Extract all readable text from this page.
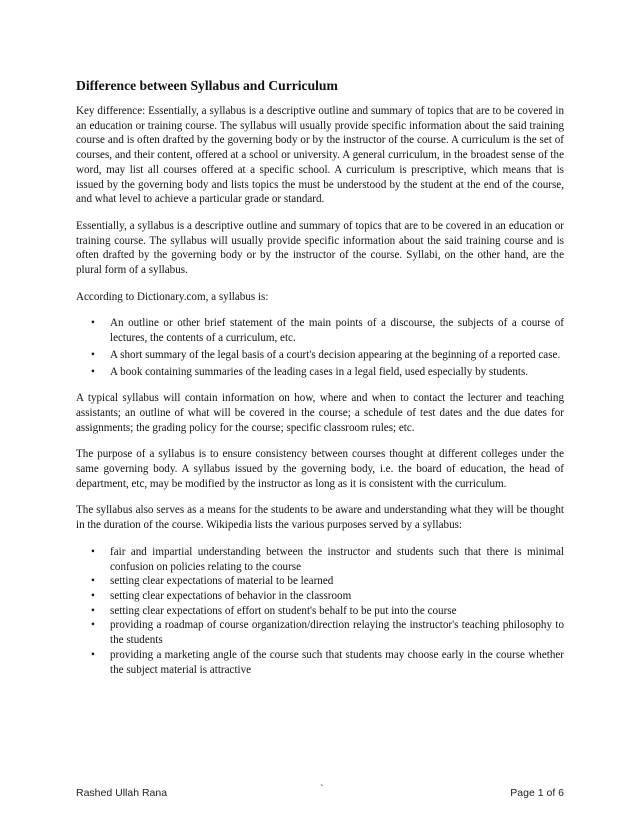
Difference between Syllabus and Curriculum

Key difference: Essentially, a syllabus is a descriptive outline and summary of topics that are to be covered in an education or training course. The syllabus will usually provide specific information about the said training course and is often drafted by the governing body or by the instructor of the course. A curriculum is the set of courses, and their content, offered at a school or university. A general curriculum, in the broadest sense of the word, may list all courses offered at a specific school. A curriculum is prescriptive, which means that is issued by the governing body and lists topics the must be understood by the student at the end of the course, and what level to achieve a particular grade or standard.

Essentially, a syllabus is a descriptive outline and summary of topics that are to be covered in an education or training course. The syllabus will usually provide specific information about the said training course and is often drafted by the governing body or by the instructor of the course. Syllabi, on the other hand, are the plural form of a syllabus.

According to Dictionary.com, a syllabus is:

• An outline or other brief statement of the main points of a discourse, the subjects of a course of lectures, the contents of a curriculum, etc.
• A short summary of the legal basis of a court's decision appearing at the beginning of a reported case.
• A book containing summaries of the leading cases in a legal field, used especially by students.

A typical syllabus will contain information on how, where and when to contact the lecturer and teaching assistants; an outline of what will be covered in the course; a schedule of test dates and the due dates for assignments; the grading policy for the course; specific classroom rules; etc.

The purpose of a syllabus is to ensure consistency between courses thought at different colleges under the same governing body. A syllabus issued by the governing body, i.e. the board of education, the head of department, etc, may be modified by the instructor as long as it is consistent with the curriculum.

The syllabus also serves as a means for the students to be aware and understanding what they will be thought in the duration of the course. Wikipedia lists the various purposes served by a syllabus:

• fair and impartial understanding between the instructor and students such that there is minimal confusion on policies relating to the course
• setting clear expectations of material to be learned
• setting clear expectations of behavior in the classroom
• setting clear expectations of effort on student's behalf to be put into the course
• providing a roadmap of course organization/direction relaying the instructor's teaching philosophy to the students
• providing a marketing angle of the course such that students may choose early in the course whether the subject material is attractive
Rashed Ullah Rana	`	Page 1 of 6
